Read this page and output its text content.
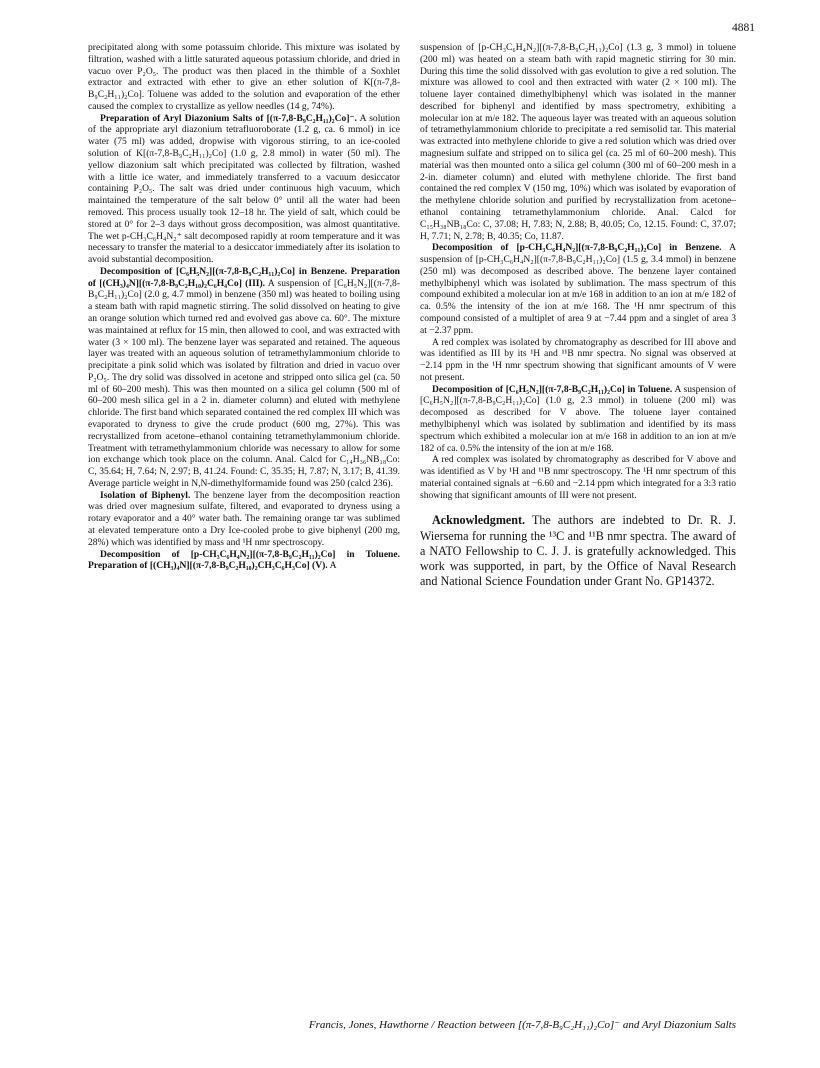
4881

precipitated along with some potassuim chloride. This mixture was isolated by filtration, washed with a little saturated aqueous potassium chloride, and dried in vacuo over P₂O₅. The product was then placed in the thimble of a Soxhlet extractor and extracted with ether to give an ether solution of K[(π-7,8-B₉C₂H₁₁)₂Co]. Toluene was added to the solution and evaporation of the ether caused the complex to crystallize as yellow needles (14 g, 74%).

Preparation of Aryl Diazonium Salts of [(π-7,8-B₉C₂H₁₁)₂Co]⁻. A solution of the appropriate aryl diazonium tetrafluoroborate (1.2 g, ca. 6 mmol) in ice water (75 ml) was added, dropwise with vigorous stirring, to an ice-cooled solution of K[(π-7,8-B₉C₂H₁₁)₂Co] (1.0 g, 2.8 mmol) in water (50 ml). The yellow diazonium salt which precipitated was collected by filtration, washed with a little ice water, and immediately transferred to a vacuum desiccator containing P₂O₅. The salt was dried under continuous high vacuum, which maintained the temperature of the salt below 0° until all the water had been removed. This process usually took 12–18 hr. The yield of salt, which could be stored at 0° for 2–3 days without gross decomposition, was almost quantitative. The wet p-CH₃C₆H₄N₂⁺ salt decomposed rapidly at room temperature and it was necessary to transfer the material to a desiccator immediately after its isolation to avoid substantial decomposition.

Decomposition of [C₆H₅N₂][(π-7,8-B₉C₂H₁₁)₂Co] in Benzene. Preparation of [(CH₃)₄N][(π-7,8-B₉C₂H₁₀)₂C₆H₄Co] (III). A suspension of [C₆H₅N₂][(π-7,8-B₉C₂H₁₁)₂Co] (2.0 g, 4.7 mmol) in benzene (350 ml) was heated to boiling using a steam bath with rapid magnetic stirring. The solid dissolved on heating to give an orange solution which turned red and evolved gas above ca. 60°. The mixture was maintained at reflux for 15 min, then allowed to cool, and was extracted with water (3 × 100 ml). The benzene layer was separated and retained. The aqueous layer was treated with an aqueous solution of tetramethylammonium chloride to precipitate a pink solid which was isolated by filtration and dried in vacuo over P₂O₅. The dry solid was dissolved in acetone and stripped onto silica gel (ca. 50 ml of 60–200 mesh). This was then mounted on a silica gel column (500 ml of 60–200 mesh silica gel in a 2 in. diameter column) and eluted with methylene chloride. The first band which separated contained the red complex III which was evaporated to dryness to give the crude product (600 mg, 27%). This was recrystallized from acetone–ethanol containing tetramethylammonium chloride. Treatment with tetramethylammonium chloride was necessary to allow for some ion exchange which took place on the column. Anal. Calcd for C₁₄H₃₆NB₁₈Co: C, 35.64; H, 7.64; N, 2.97; B, 41.24. Found: C, 35.35; H, 7.87; N, 3.17; B, 41.39. Average particle weight in N,N-dimethylformamide found was 250 (calcd 236).

Isolation of Biphenyl. The benzene layer from the decomposition reaction was dried over magnesium sulfate, filtered, and evaporated to dryness using a rotary evaporator and a 40° water bath. The remaining orange tar was sublimed at elevated temperature onto a Dry Ice-cooled probe to give biphenyl (200 mg, 28%) which was identified by mass and ¹H nmr spectroscopy.

Decomposition of [p-CH₃C₆H₄N₂][(π-7,8-B₉C₂H₁₁)₂Co] in Toluene. Preparation of [(CH₃)₄N][(π-7,8-B₉C₂H₁₀)₂CH₃C₆H₃Co] (V). A

suspension of [p-CH₃C₆H₄N₂][(π-7,8-B₉C₂H₁₁)₂Co] (1.3 g, 3 mmol) in toluene (200 ml) was heated on a steam bath with rapid magnetic stirring for 30 min. During this time the solid dissolved with gas evolution to give a red solution. The mixture was allowed to cool and then extracted with water (2 × 100 ml). The toluene layer contained dimethylbiphenyl which was isolated in the manner described for biphenyl and identified by mass spectrometry, exhibiting a molecular ion at m/e 182. The aqueous layer was treated with an aqueous solution of tetramethylammonium chloride to precipitate a red semisolid tar. This material was extracted into methylene chloride to give a red solution which was dried over magnesium sulfate and stripped on to silica gel (ca. 25 ml of 60–200 mesh). This material was then mounted onto a silica gel column (300 ml of 60–200 mesh in a 2-in. diameter column) and eluted with methylene chloride. The first band contained the red complex V (150 mg, 10%) which was isolated by evaporation of the methylene chloride solution and purified by recrystallization from acetone–ethanol containing tetramethylammonium chloride. Anal. Calcd for C₁₅H₃₈NB₁₈Co: C, 37.08; H, 7.83; N, 2.88; B, 40.05; Co, 12.15. Found: C, 37.07; H, 7.71; N, 2.78; B, 40.35; Co, 11.87.

Decomposition of [p-CH₃C₆H₄N₂][(π-7,8-B₉C₂H₁₁)₂Co] in Benzene. A suspension of [p-CH₃C₆H₄N₂][(π-7,8-B₉C₂H₁₁)₂Co] (1.5 g, 3.4 mmol) in benzene (250 ml) was decomposed as described above. The benzene layer contained methylbiphenyl which was isolated by sublimation. The mass spectrum of this compound exhibited a molecular ion at m/e 168 in addition to an ion at m/e 182 of ca. 0.5% the intensity of the ion at m/e 168. The ¹H nmr spectrum of this compound consisted of a multiplet of area 9 at −7.44 ppm and a singlet of area 3 at −2.37 ppm.

A red complex was isolated by chromatography as described for III above and was identified as III by its ¹H and ¹¹B nmr spectra. No signal was observed at −2.14 ppm in the ¹H nmr spectrum showing that significant amounts of V were not present.

Decomposition of [C₆H₅N₂][(π-7,8-B₉C₂H₁₁)₂Co] in Toluene. A suspension of [C₆H₅N₂][(π-7,8-B₉C₂H₁₁)₂Co] (1.0 g, 2.3 mmol) in toluene (200 ml) was decomposed as described for V above. The toluene layer contained methylbiphenyl which was isolated by sublimation and identified by its mass spectrum which exhibited a molecular ion at m/e 168 in addition to an ion at m/e 182 of ca. 0.5% the intensity of the ion at m/e 168.

A red complex was isolated by chromatography as described for V above and was identified as V by ¹H and ¹¹B nmr spectroscopy. The ¹H nmr spectrum of this material contained signals at −6.60 and −2.14 ppm which integrated for a 3:3 ratio showing that significant amounts of III were not present.

Acknowledgment. The authors are indebted to Dr. R. J. Wiersema for running the ¹³C and ¹¹B nmr spectra. The award of a NATO Fellowship to C. J. J. is gratefully acknowledged. This work was supported, in part, by the Office of Naval Research and National Science Foundation under Grant No. GP14372.

Francis, Jones, Hawthorne / Reaction between [(π-7,8-B₉C₂H₁₁)₂Co]⁻ and Aryl Diazonium Salts
